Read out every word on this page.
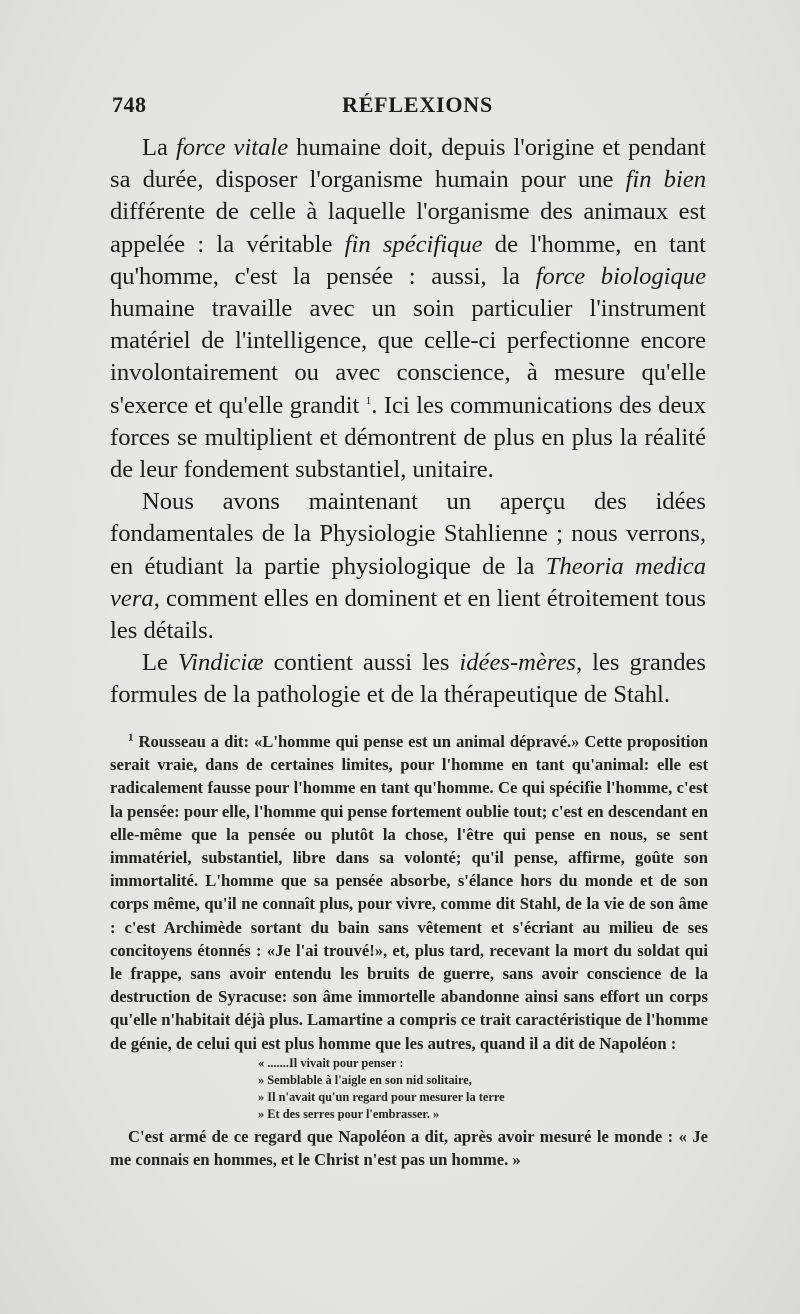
748	RÉFLEXIONS

La force vitale humaine doit, depuis l'origine et pendant sa durée, disposer l'organisme humain pour une fin bien différente de celle à laquelle l'organisme des animaux est appelée : la véritable fin spécifique de l'homme, en tant qu'homme, c'est la pensée : aussi, la force biologique humaine travaille avec un soin particulier l'instrument matériel de l'intelligence, que celle-ci perfectionne encore involontairement ou avec conscience, à mesure qu'elle s'exerce et qu'elle grandit $^1$. Ici les communications des deux forces se multiplient et démontrent de plus en plus la réalité de leur fondement substantiel, unitaire.

Nous avons maintenant un aperçu des idées fondamentales de la Physiologie Stahlienne ; nous verrons, en étudiant la partie physiologique de la Theoria medica vera, comment elles en dominent et en lient étroitement tous les détails.

Le Vindiciæ contient aussi les idées-mères, les grandes formules de la pathologie et de la thérapeutique de Stahl.

$^1$ Rousseau a dit: «L'homme qui pense est un animal dépravé.» Cette proposition serait vraie, dans de certaines limites, pour l'homme en tant qu'animal: elle est radicalement fausse pour l'homme en tant qu'homme. Ce qui spécifie l'homme, c'est la pensée: pour elle, l'homme qui pense fortement oublie tout; c'est en descendant en elle-même que la pensée ou plutôt la chose, l'être qui pense en nous, se sent immatériel, substantiel, libre dans sa volonté; qu'il pense, affirme, goûte son immortalité. L'homme que sa pensée absorbe, s'élance hors du monde et de son corps même, qu'il ne connaît plus, pour vivre, comme dit Stahl, de la vie de son âme : c'est Archimède sortant du bain sans vêtement et s'écriant au milieu de ses concitoyens étonnés : «Je l'ai trouvé!», et, plus tard, recevant la mort du soldat qui le frappe, sans avoir entendu les bruits de guerre, sans avoir conscience de la destruction de Syracuse: son âme immortelle abandonne ainsi sans effort un corps qu'elle n'habitait déjà plus. Lamartine a compris ce trait caractéristique de l'homme de génie, de celui qui est plus homme que les autres, quand il a dit de Napoléon :

« .......Il vivait pour penser :
» Semblable à l'aigle en son nid solitaire,
» Il n'avait qu'un regard pour mesurer la terre
» Et des serres pour l'embrasser. »

C'est armé de ce regard que Napoléon a dit, après avoir mesuré le monde : « Je me connais en hommes, et le Christ n'est pas un homme. »
